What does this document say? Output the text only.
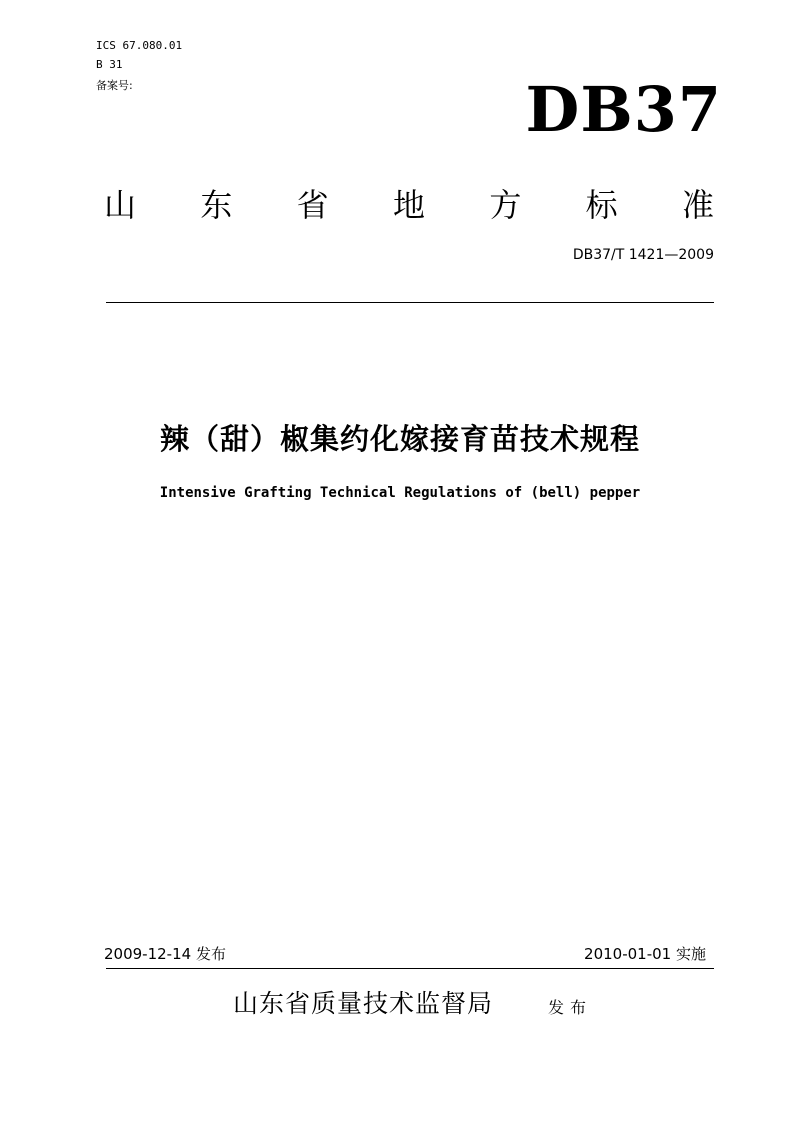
ICS 67.080.01
B 31
备案号:	DB37
山 东 省 地 方 标 准
DB37/T 1421—2009
辣（甜）椒集约化嫁接育苗技术规程
Intensive Grafting Technical Regulations of (bell) pepper
2009-12-14 发布	2010-01-01 实施
山东省质量技术监督局	发布
